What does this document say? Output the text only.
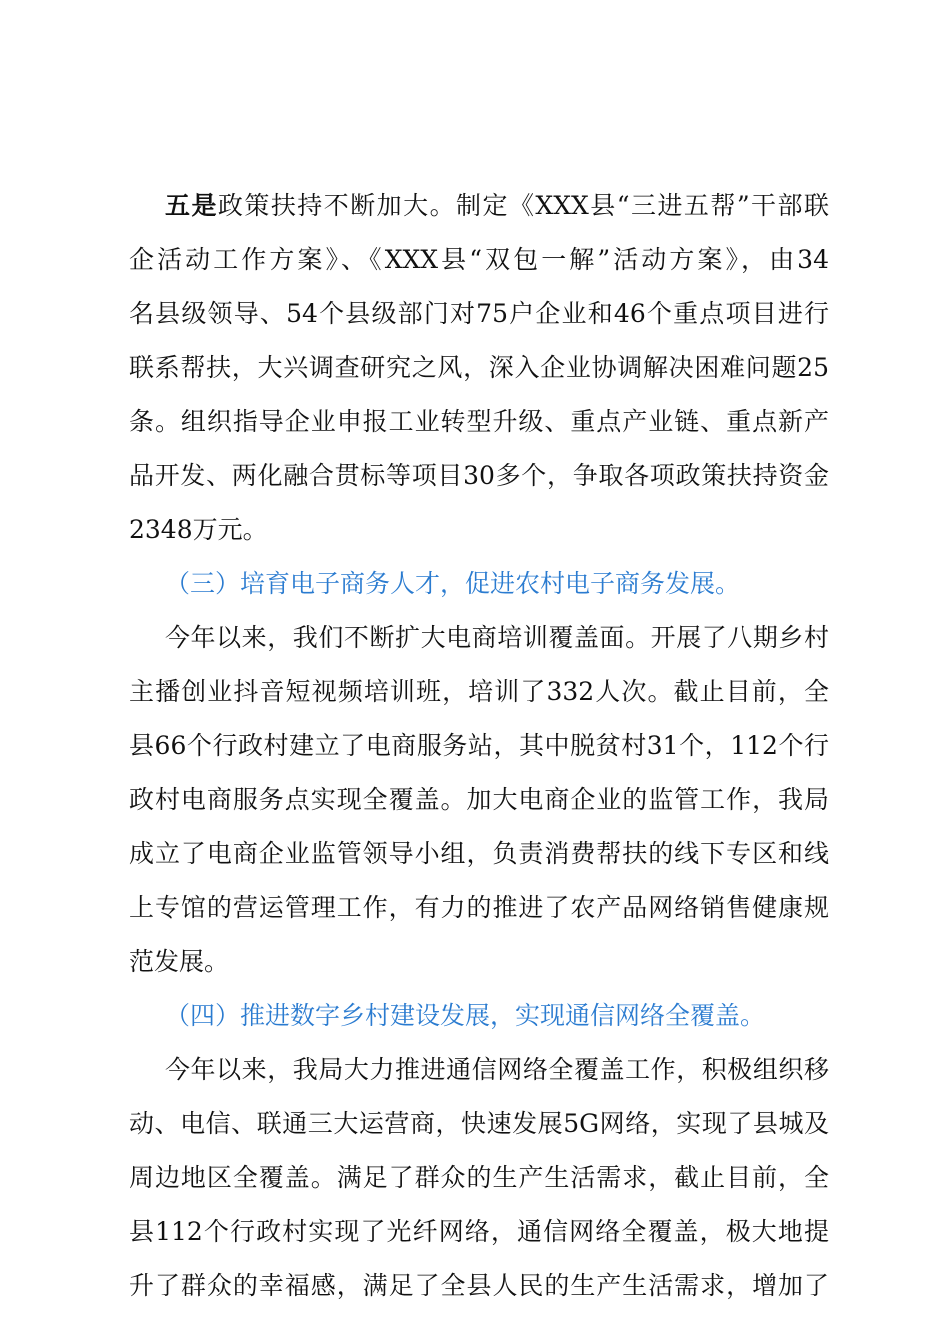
五是政策扶持不断加大。制定《XXX县“三进五帮”干部联
企活动工作方案》、《XXX县“双包一解”活动方案》，由34
名县级领导、54个县级部门对75户企业和46个重点项目进行
联系帮扶，大兴调查研究之风，深入企业协调解决困难问题25
条。组织指导企业申报工业转型升级、重点产业链、重点新产
品开发、两化融合贯标等项目30多个，争取各项政策扶持资金
2348万元。
（三）培育电子商务人才，促进农村电子商务发展。
今年以来，我们不断扩大电商培训覆盖面。开展了八期乡村
主播创业抖音短视频培训班，培训了332人次。截止目前，全
县66个行政村建立了电商服务站，其中脱贫村31个，112个行
政村电商服务点实现全覆盖。加大电商企业的监管工作，我局
成立了电商企业监管领导小组，负责消费帮扶的线下专区和线
上专馆的营运管理工作，有力的推进了农产品网络销售健康规
范发展。
（四）推进数字乡村建设发展，实现通信网络全覆盖。
今年以来，我局大力推进通信网络全覆盖工作，积极组织移
动、电信、联通三大运营商，快速发展5G网络，实现了县城及
周边地区全覆盖。满足了群众的生产生活需求，截止目前，全
县112个行政村实现了光纤网络，通信网络全覆盖，极大地提
升了群众的幸福感，满足了全县人民的生产生活需求，增加了
